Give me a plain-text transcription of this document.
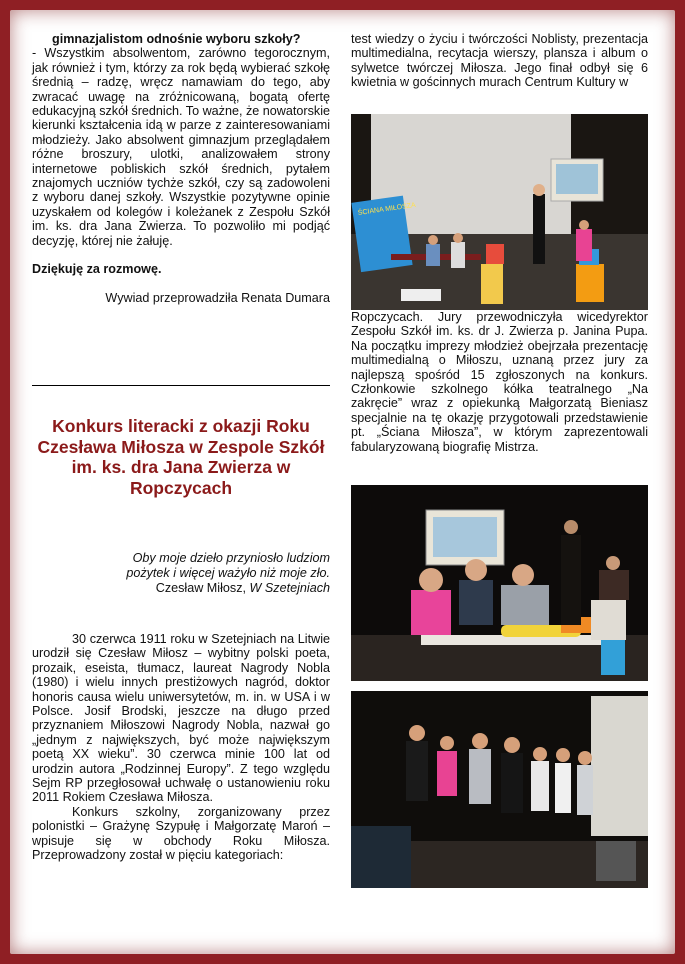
gimnazjalistom odnośnie wyboru szkoły?

- Wszystkim absolwentom, zarówno tegorocznym, jak również i tym, którzy za rok będą wybierać szkołę średnią – radzę, wręcz namawiam do tego, aby zwracać uwagę na zróżnicowaną, bogatą ofertę edukacyjną szkół średnich. To ważne, że nowatorskie kierunki kształcenia idą w parze z zainteresowaniami młodzieży. Jako absolwent gimnazjum przeglądałem różne broszury, ulotki, analizowałem strony internetowe pobliskich szkół średnich, pytałem znajomych uczniów tychże szkół, czy są zadowoleni z wyboru danej szkoły. Wszystkie pozytywne opinie uzyskałem od kolegów i koleżanek z Zespołu Szkół im. ks. dra Jana Zwierza. To pozwoliło mi podjąć decyzję, której nie żałuję.

Dziękuję za rozmowę.

Wywiad przeprowadziła Renata Dumara

Konkurs literacki z okazji Roku Czesława Miłosza w Zespole Szkół im. ks. dra Jana Zwierza w Ropczycach
Oby moje dzieło przyniosło ludziom
pożytek i więcej ważyło niż moje zło.
Czesław Miłosz, W Szetejniach

30 czerwca 1911 roku w Szetejniach na Litwie urodził się Czesław Miłosz – wybitny polski poeta, prozaik, eseista, tłumacz, laureat Nagrody Nobla (1980) i wielu innych prestiżowych nagród, doktor honoris causa wielu uniwersytetów, m. in. w USA i w Polsce. Josif Brodski, jeszcze na długo przed przyznaniem Miłoszowi Nagrody Nobla, nazwał go „jednym z największych, być może największym poetą XX wieku”. 30 czerwca minie 100 lat od urodzin autora „Rodzinnej Europy”. Z tego względu Sejm RP przegłosował uchwałę o ustanowieniu roku 2011 Rokiem Czesława Miłosza.

Konkurs szkolny, zorganizowany przez polonistki – Grażynę Szypułę i Małgorzatę Maroń – wpisuje się w obchody Roku Miłosza. Przeprowadzony został w pięciu kategoriach:

test wiedzy o życiu i twórczości Noblisty, prezentacja multimedialna, recytacja wierszy, plansza i album o sylwetce twórczej Miłosza. Jego finał odbył się 6 kwietnia w gościnnych murach Centrum Kultury w

ŚCIANA MIŁOSZA

Ropczycach. Jury przewodniczyła wicedyrektor Zespołu Szkół im. ks. dr J. Zwierza p. Janina Pupa. Na początku imprezy młodzież obejrzała prezentację multimedialną o Miłoszu, uznaną przez jury za najlepszą spośród 15 zgłoszonych na konkurs. Członkowie szkolnego kółka teatralnego „Na zakręcie” wraz z opiekunką Małgorzatą Bieniasz specjalnie na tę okazję przygotowali przedstawienie pt. „Ściana Miłosza”, w którym zaprezentowali fabularyzowaną biografię Mistrza.
